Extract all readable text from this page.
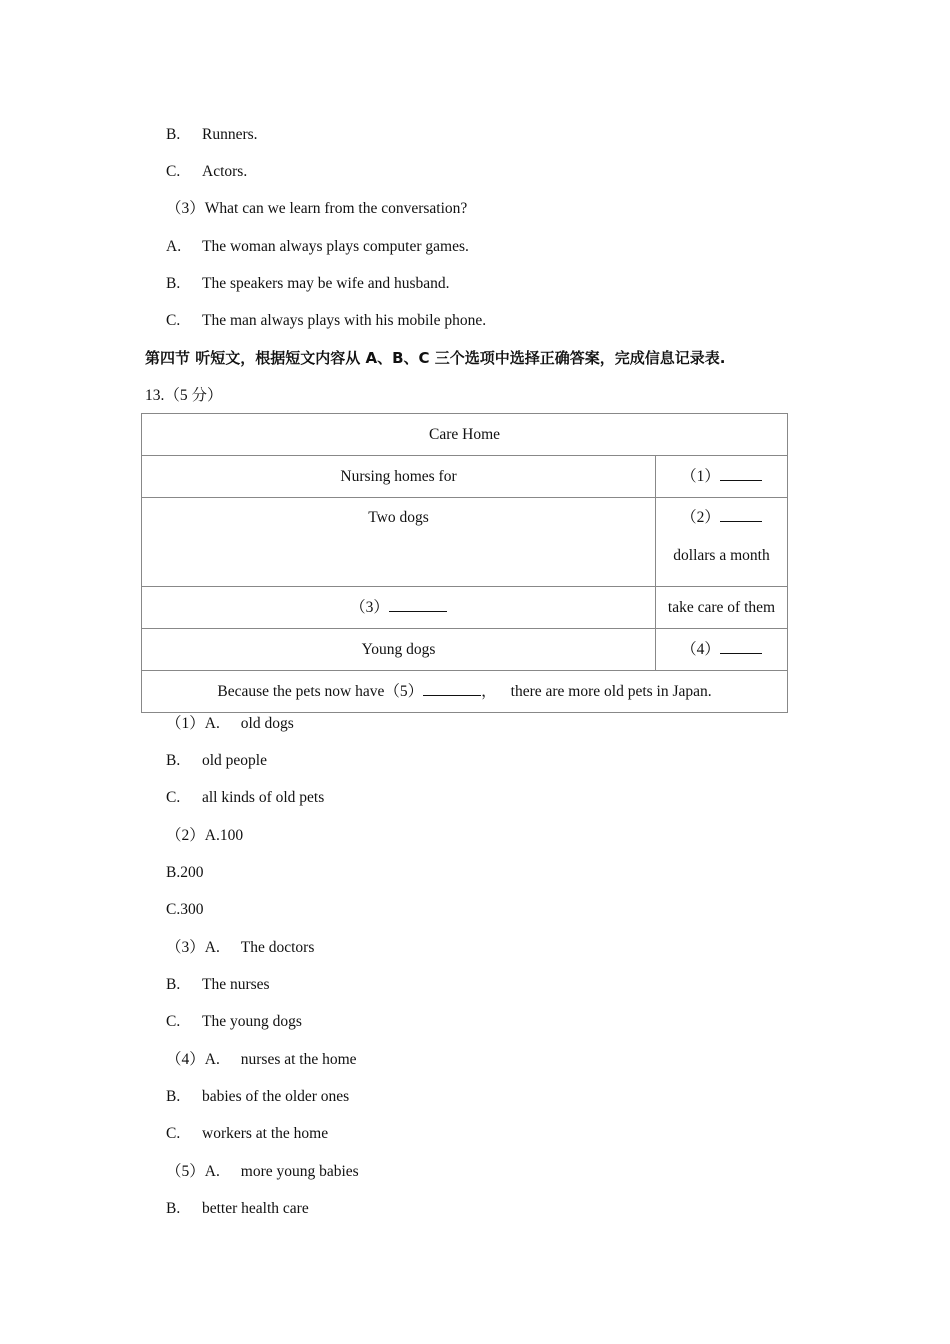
B. Runners.
C. Actors.
（3）What can we learn from the conversation?
A. The woman always plays computer games.
B. The speakers may be wife and husband.
C. The man always plays with his mobile phone.
第四节 听短文，根据短文内容从 A、B、C 三个选项中选择正确答案，完成信息记录表.
13.（5 分）
Care Home	
Nursing homes for	（1）
Two dogs	（2）
dollars a month

（3）	take care of them
Young dogs	（4）
Because the pets now have（5） ， there are more old pets in Japan.	
（1）A. old dogs
B. old people
C. all kinds of old pets
（2）A.100
B.200
C.300
（3）A. The doctors
B. The nurses
C. The young dogs
（4）A. nurses at the home
B. babies of the older ones
C. workers at the home
（5）A. more young babies
B. better health care
